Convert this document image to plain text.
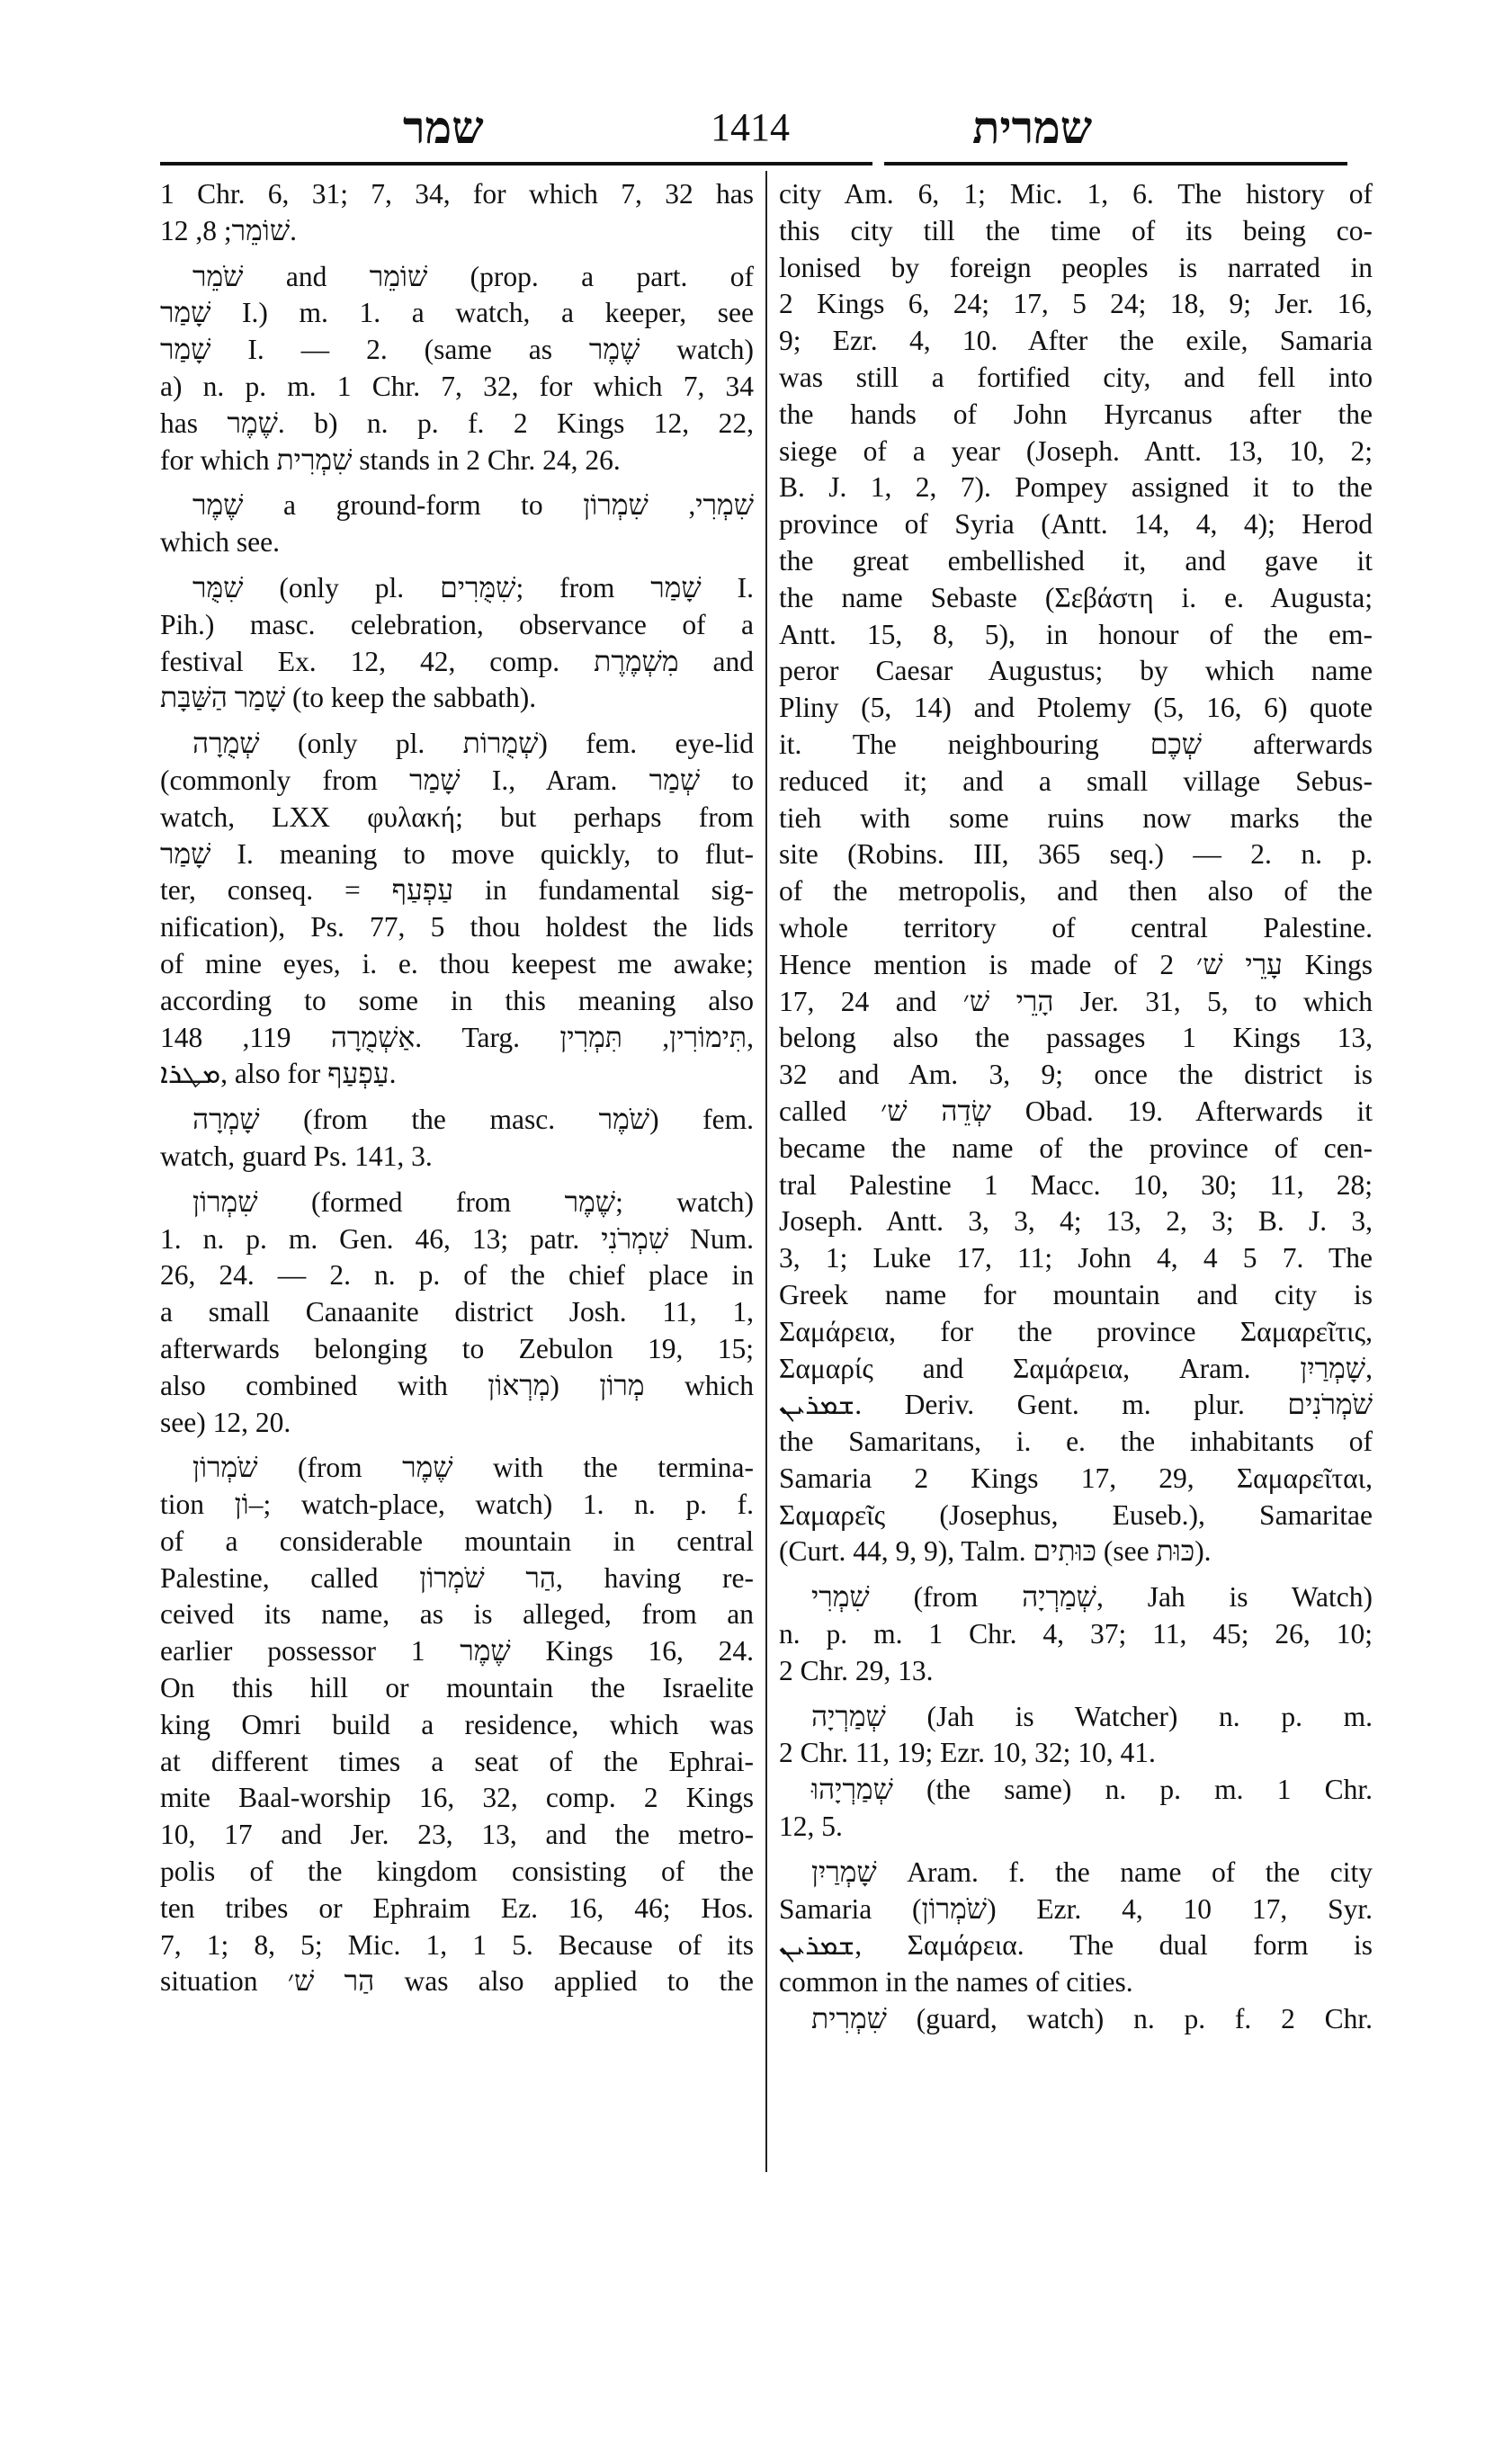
שמר	1414	שמרית
1 Chr. 6, 31; 7, 34, for which 7, 32 has
שׁוֹמֵר; 8, 12.
שֹׁמֵר and שׁוֹמֵר (prop. a part. of
שָׁמַר I.) m. 1. a watch, a keeper, see
שָׁמַר I. — 2. (same as שֶׁמֶר watch)
a) n. p. m. 1 Chr. 7, 32, for which 7, 34
has שֶׁמֶר. b) n. p. f. 2 Kings 12, 22,
for which שִׁמְרִית stands in 2 Chr. 24, 26.
שֶׁמֶר a ground-form to שִׁמְרִי, שִׁמְרוֹן
which see.
שִׁמֻּר (only pl. שִׁמֻּרִים; from שָׁמַר I.
Pih.) masc. celebration, observance of a
festival Ex. 12, 42, comp. מִשְׁמֶרֶת and
שָׁמַר הַשַּׁבָּת (to keep the sabbath).
שְׁמֻרָה (only pl. שְׁמֻרוֹת) fem. eye-lid
(commonly from שָׁמַר I., Aram. שְׁמַר to
watch, LXX φυλακή; but perhaps from
שָׁמַר I. meaning to move quickly, to flut-
ter, conseq. = עַפְעַף in fundamental sig-
nification), Ps. 77, 5 thou holdest the lids
of mine eyes, i. e. thou keepest me awake;
according to some in this meaning also
אַשְׁמֻרָה 119, 148. Targ. תִּימוֹרִין, תִּמְרִין,
ܡܛܪܐ, also for עַפְעַף.
שָׁמְרָה (from the masc. שֹׁמֶר) fem.
watch, guard Ps. 141, 3.
שִׁמְרוֹן (formed from שֶׁמֶר; watch)
1. n. p. m. Gen. 46, 13; patr. שִׁמְרֹנִי Num.
26, 24. — 2. n. p. of the chief place in
a small Canaanite district Josh. 11, 1,
afterwards belonging to Zebulon 19, 15;
also combined with מְרוֹן (מְרְאוֹן which
see) 12, 20.
שֹׁמְרוֹן (from שֶׁמֶר with the termina-
tion וֹן–; watch-place, watch) 1. n. p. f.
of a considerable mountain in central
Palestine, called הַר שֹׁמְרוֹן, having re-
ceived its name, as is alleged, from an
earlier possessor שֶׁמֶר 1 Kings 16, 24.
On this hill or mountain the Israelite
king Omri build a residence, which was
at different times a seat of the Ephrai-
mite Baal-worship 16, 32, comp. 2 Kings
10, 17 and Jer. 23, 13, and the metro-
polis of the kingdom consisting of the
ten tribes or Ephraim Ez. 16, 46; Hos.
7, 1; 8, 5; Mic. 1, 1 5. Because of its
situation הַר שׁ׳ was also applied to the
city Am. 6, 1; Mic. 1, 6. The history of
this city till the time of its being co-
lonised by foreign peoples is narrated in
2 Kings 6, 24; 17, 5 24; 18, 9; Jer. 16,
9; Ezr. 4, 10. After the exile, Samaria
was still a fortified city, and fell into
the hands of John Hyrcanus after the
siege of a year (Joseph. Antt. 13, 10, 2;
B. J. 1, 2, 7). Pompey assigned it to the
province of Syria (Antt. 14, 4, 4); Herod
the great embellished it, and gave it
the name Sebaste (Σεβάστη i. e. Augusta;
Antt. 15, 8, 5), in honour of the em-
peror Caesar Augustus; by which name
Pliny (5, 14) and Ptolemy (5, 16, 6) quote
it. The neighbouring שְׁכֶם afterwards
reduced it; and a small village Sebus-
tieh with some ruins now marks the
site (Robins. III, 365 seq.) — 2. n. p.
of the metropolis, and then also of the
whole territory of central Palestine.
Hence mention is made of עָרֵי שׁ׳ 2 Kings
17, 24 and הָרֵי שׁ׳ Jer. 31, 5, to which
belong also the passages 1 Kings 13,
32 and Am. 3, 9; once the district is
called שְׂדֵה שׁ׳ Obad. 19. Afterwards it
became the name of the province of cen-
tral Palestine 1 Macc. 10, 30; 11, 28;
Joseph. Antt. 3, 3, 4; 13, 2, 3; B. J. 3,
3, 1; Luke 17, 11; John 4, 4 5 7. The
Greek name for mountain and city is
Σαμάρεια, for the province Σαμαρεῖτις,
Σαμαρίς and Σαμάρεια, Aram. שָׁמְרַיִן,
ܫܡܪܝܢ. Deriv. Gent. m. plur. שֹׁמְרֹנִים
the Samaritans, i. e. the inhabitants of
Samaria 2 Kings 17, 29, Σαμαρεῖται,
Σαμαρεῖς (Josephus, Euseb.), Samaritae
(Curt. 44, 9, 9), Talm. כּוּתִים (see כּוּת).
שִׁמְרִי (from שְׁמַרְיָה, Jah is Watch)
n. p. m. 1 Chr. 4, 37; 11, 45; 26, 10;
2 Chr. 29, 13.
שְׁמַרְיָה (Jah is Watcher) n. p. m.
2 Chr. 11, 19; Ezr. 10, 32; 10, 41.
שְׁמַרְיָהוּ (the same) n. p. m. 1 Chr.
12, 5.
שָׁמְרַיִן Aram. f. the name of the city
Samaria (שֹׁמְרוֹן) Ezr. 4, 10 17, Syr.
ܫܡܪܝܢ, Σαμάρεια. The dual form is
common in the names of cities.
שִׁמְרִית (guard, watch) n. p. f. 2 Chr.
